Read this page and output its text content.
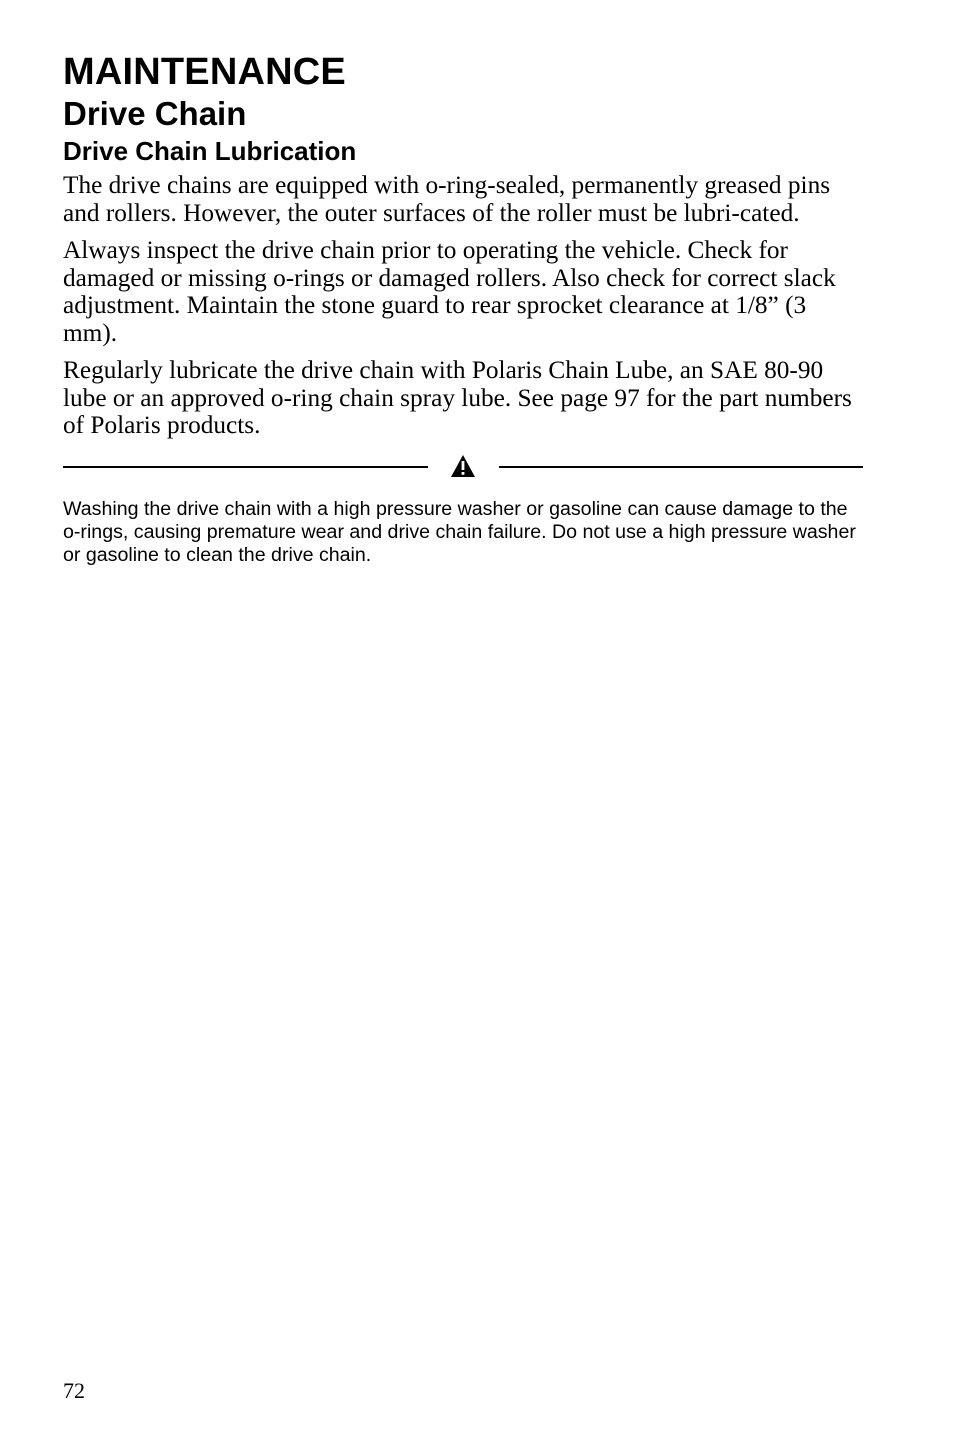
MAINTENANCE
Drive Chain
Drive Chain Lubrication

The drive chains are equipped with o-ring-sealed, permanently greased pins and rollers. However, the outer surfaces of the roller must be lubri-cated.

Always inspect the drive chain prior to operating the vehicle. Check for damaged or missing o-rings or damaged rollers. Also check for correct slack adjustment. Maintain the stone guard to rear sprocket clearance at 1/8” (3 mm).

Regularly lubricate the drive chain with Polaris Chain Lube, an SAE 80-90 lube or an approved o-ring chain spray lube. See page 97 for the part numbers of Polaris products.

Washing the drive chain with a high pressure washer or gasoline can cause damage to the o-rings, causing premature wear and drive chain failure. Do not use a high pressure washer or gasoline to clean the drive chain.

72
